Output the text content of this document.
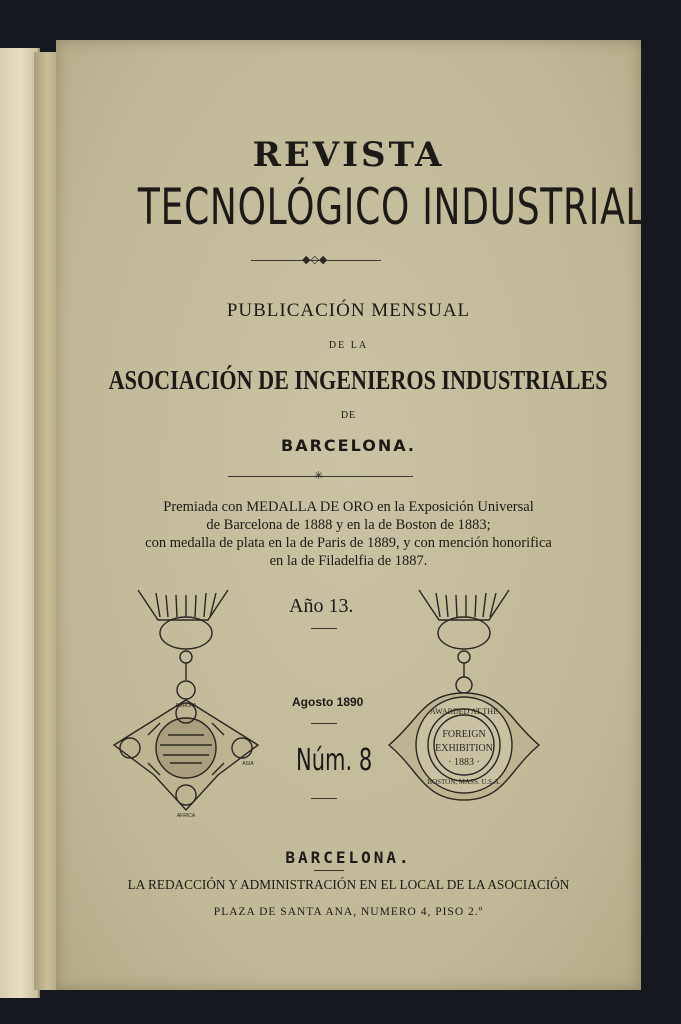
REVISTA
TECNOLÓGICO INDUSTRIAL
◆◇◆
PUBLICACIÓN MENSUAL
DE LA
ASOCIACIÓN DE INGENIEROS INDUSTRIALES
DE
BARCELONA.
✳
Premiada con MEDALLA DE ORO en la Exposición Universal
de Barcelona de 1888 y en la de Boston de 1883;
con medalla de plata en la de Paris de 1889, y con mención honorifica
en la de Filadelfia de 1887.
Año 13.
Agosto 1890
Núm. 8
EUROPA
ASIA
AFRICA
AWARDED AT THE
FOREIGN
EXHIBITION
· 1883 ·
BOSTON, MASS. U.S.A.
BARCELONA.
LA REDACCIÓN Y ADMINISTRACIÓN EN EL LOCAL DE LA ASOCIACIÓN
PLAZA DE SANTA ANA, NUMERO 4, PISO 2.º
